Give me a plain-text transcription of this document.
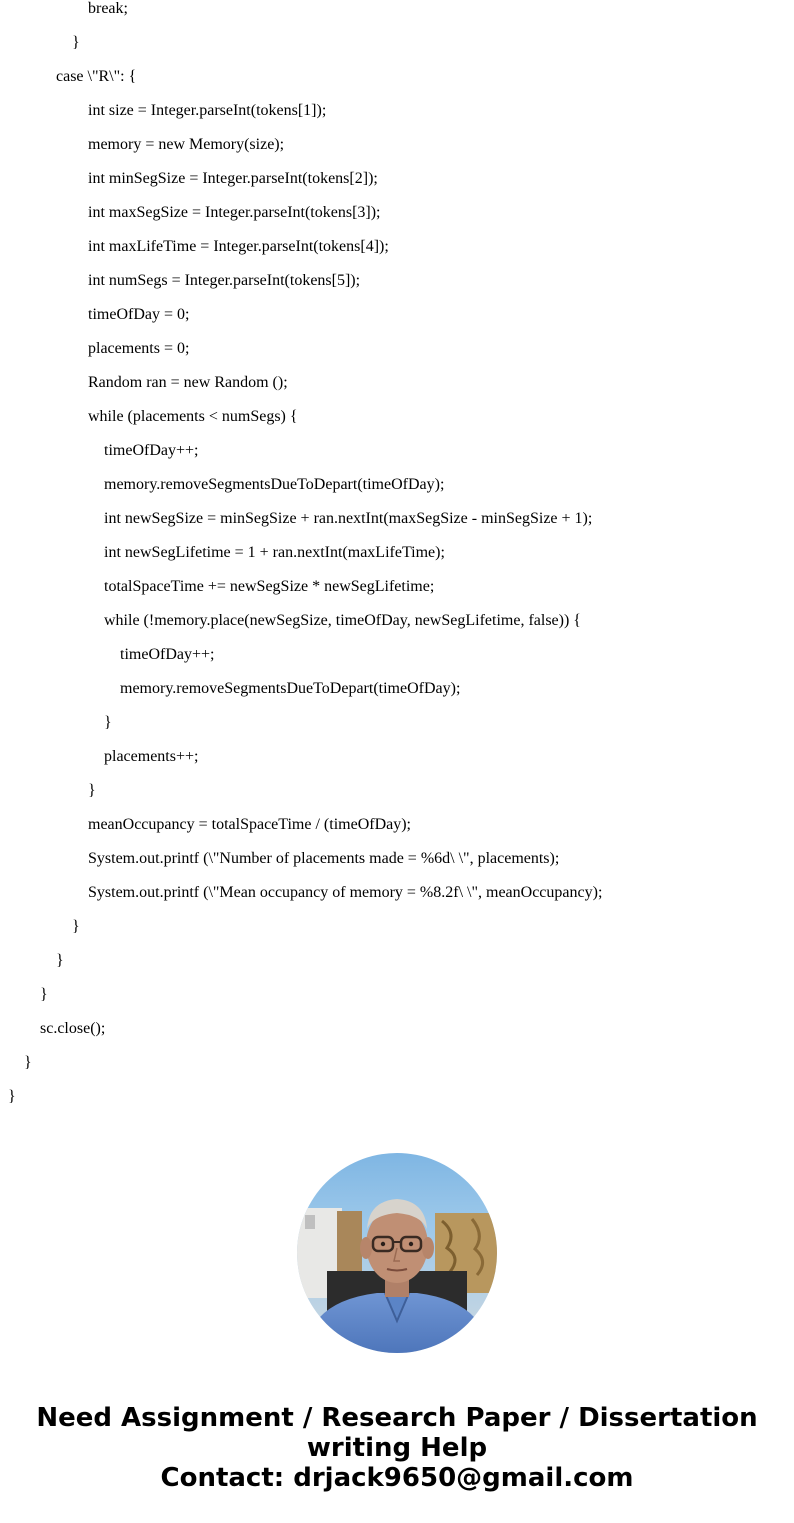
break;
}
case \"R\": {
int size = Integer.parseInt(tokens[1]);
memory = new Memory(size);
int minSegSize = Integer.parseInt(tokens[2]);
int maxSegSize = Integer.parseInt(tokens[3]);
int maxLifeTime = Integer.parseInt(tokens[4]);
int numSegs = Integer.parseInt(tokens[5]);
timeOfDay = 0;
placements = 0;
Random ran = new Random ();
while (placements < numSegs) {
timeOfDay++;
memory.removeSegmentsDueToDepart(timeOfDay);
int newSegSize = minSegSize + ran.nextInt(maxSegSize - minSegSize + 1);
int newSegLifetime = 1 + ran.nextInt(maxLifeTime);
totalSpaceTime += newSegSize * newSegLifetime;
while (!memory.place(newSegSize, timeOfDay, newSegLifetime, false)) {
timeOfDay++;
memory.removeSegmentsDueToDepart(timeOfDay);
}
placements++;
}
meanOccupancy = totalSpaceTime / (timeOfDay);
System.out.printf (\"Number of placements made = %6d\ \", placements);
System.out.printf (\"Mean occupancy of memory = %8.2f\ \", meanOccupancy);
}
}
}
sc.close();
}
}
Need Assignment / Research Paper / Dissertation
writing Help
Contact: drjack9650@gmail.com
